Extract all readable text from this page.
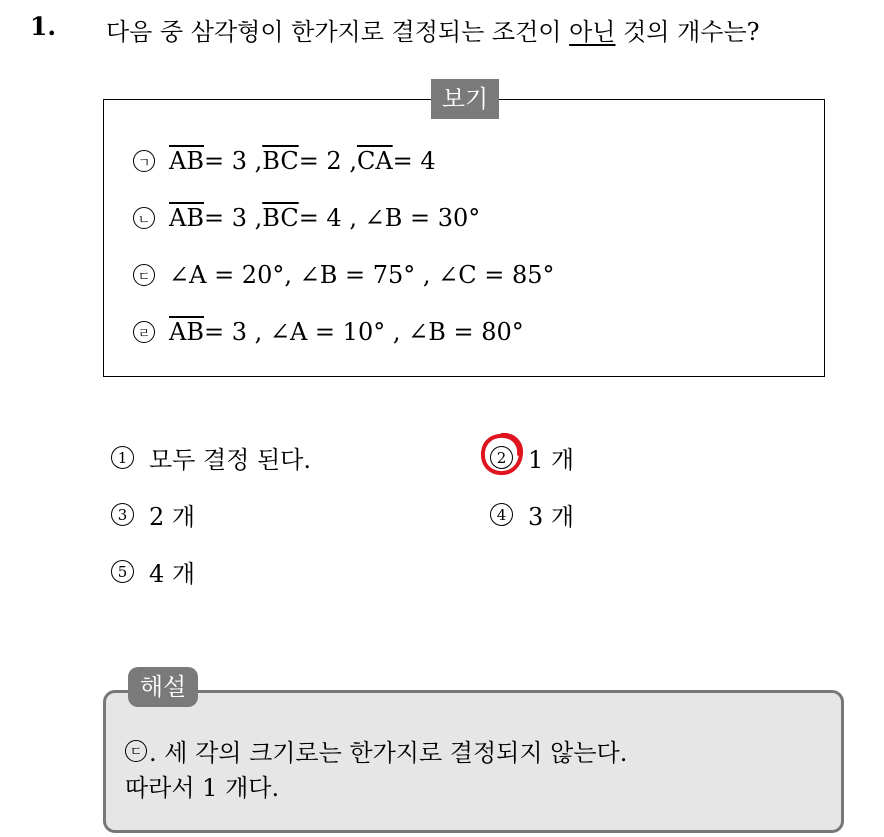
1. 다음 중 삼각형이 한가지로 결정되는 조건이 아닌 것의 개수는?
보기
ㄱ $\overline{AB} = 3$ , $\overline{BC} = 2$ , $\overline{CA} = 4$
ㄴ $\overline{AB} = 3$ , $\overline{BC} = 4$ , ∠B = 30°
ㄷ ∠A = 20°, ∠B = 75° , ∠C = 85°
ㄹ $\overline{AB} = 3$ , ∠A = 10° , ∠B = 80°
1 모두 결정 된다.	2 1 개
3 2 개	4 3 개
5 4 개
해설
ㄷ . 세 각의 크기로는 한가지로 결정되지 않는다.
따라서 1 개다.
